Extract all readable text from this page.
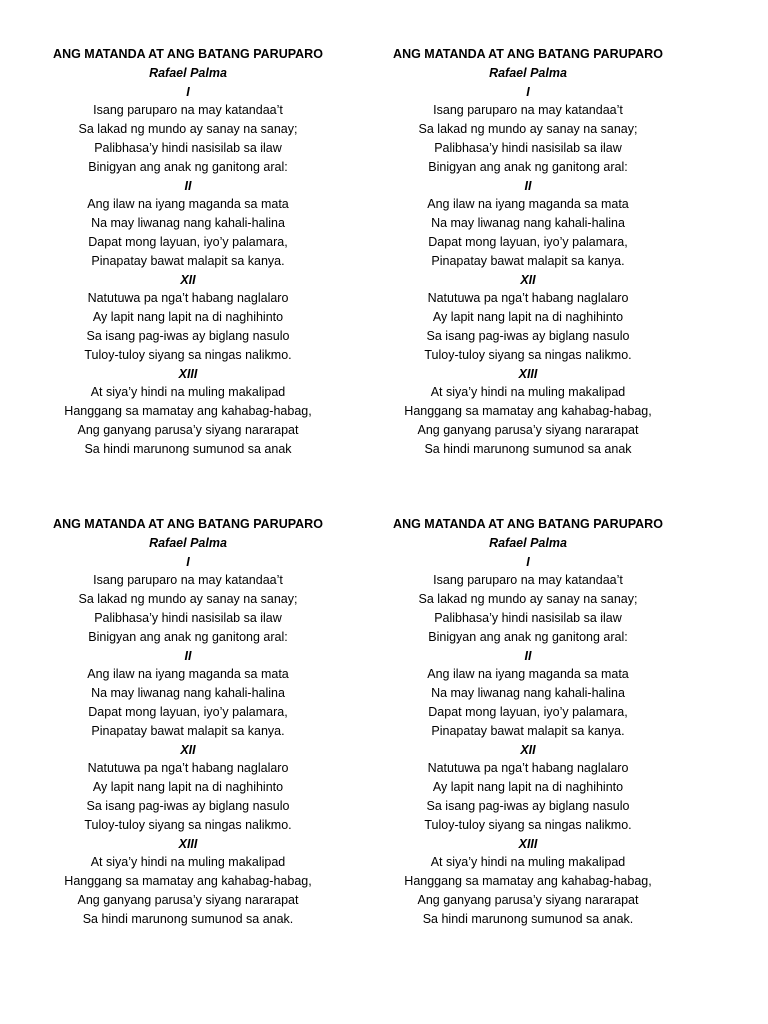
ANG MATANDA AT ANG BATANG PARUPARO
Rafael Palma
I
Isang paruparo na may katandaa’t
Sa lakad ng mundo ay sanay na sanay;
Palibhasa’y hindi nasisilab sa ilaw
Binigyan ang anak ng ganitong aral:
II
Ang ilaw na iyang maganda sa mata
Na may liwanag nang kahali-halina
Dapat mong layuan, iyo’y palamara,
Pinapatay bawat malapit sa kanya.
XII
Natutuwa pa nga’t habang naglalaro
Ay lapit nang lapit na di naghihinto
Sa isang pag-iwas ay biglang nasulo
Tuloy-tuloy siyang sa ningas nalikmo.
XIII
At siya’y hindi na muling makalipad
Hanggang sa mamatay ang kahabag-habag,
Ang ganyang parusa’y siyang nararapat
Sa hindi marunong sumunod sa anak
ANG MATANDA AT ANG BATANG PARUPARO
Rafael Palma
I
Isang paruparo na may katandaa’t
Sa lakad ng mundo ay sanay na sanay;
Palibhasa’y hindi nasisilab sa ilaw
Binigyan ang anak ng ganitong aral:
II
Ang ilaw na iyang maganda sa mata
Na may liwanag nang kahali-halina
Dapat mong layuan, iyo’y palamara,
Pinapatay bawat malapit sa kanya.
XII
Natutuwa pa nga’t habang naglalaro
Ay lapit nang lapit na di naghihinto
Sa isang pag-iwas ay biglang nasulo
Tuloy-tuloy siyang sa ningas nalikmo.
XIII
At siya’y hindi na muling makalipad
Hanggang sa mamatay ang kahabag-habag,
Ang ganyang parusa’y siyang nararapat
Sa hindi marunong sumunod sa anak
ANG MATANDA AT ANG BATANG PARUPARO
Rafael Palma
I
Isang paruparo na may katandaa’t
Sa lakad ng mundo ay sanay na sanay;
Palibhasa’y hindi nasisilab sa ilaw
Binigyan ang anak ng ganitong aral:
II
Ang ilaw na iyang maganda sa mata
Na may liwanag nang kahali-halina
Dapat mong layuan, iyo’y palamara,
Pinapatay bawat malapit sa kanya.
XII
Natutuwa pa nga’t habang naglalaro
Ay lapit nang lapit na di naghihinto
Sa isang pag-iwas ay biglang nasulo
Tuloy-tuloy siyang sa ningas nalikmo.
XIII
At siya’y hindi na muling makalipad
Hanggang sa mamatay ang kahabag-habag,
Ang ganyang parusa’y siyang nararapat
Sa hindi marunong sumunod sa anak.
ANG MATANDA AT ANG BATANG PARUPARO
Rafael Palma
I
Isang paruparo na may katandaa’t
Sa lakad ng mundo ay sanay na sanay;
Palibhasa’y hindi nasisilab sa ilaw
Binigyan ang anak ng ganitong aral:
II
Ang ilaw na iyang maganda sa mata
Na may liwanag nang kahali-halina
Dapat mong layuan, iyo’y palamara,
Pinapatay bawat malapit sa kanya.
XII
Natutuwa pa nga’t habang naglalaro
Ay lapit nang lapit na di naghihinto
Sa isang pag-iwas ay biglang nasulo
Tuloy-tuloy siyang sa ningas nalikmo.
XIII
At siya’y hindi na muling makalipad
Hanggang sa mamatay ang kahabag-habag,
Ang ganyang parusa’y siyang nararapat
Sa hindi marunong sumunod sa anak.
